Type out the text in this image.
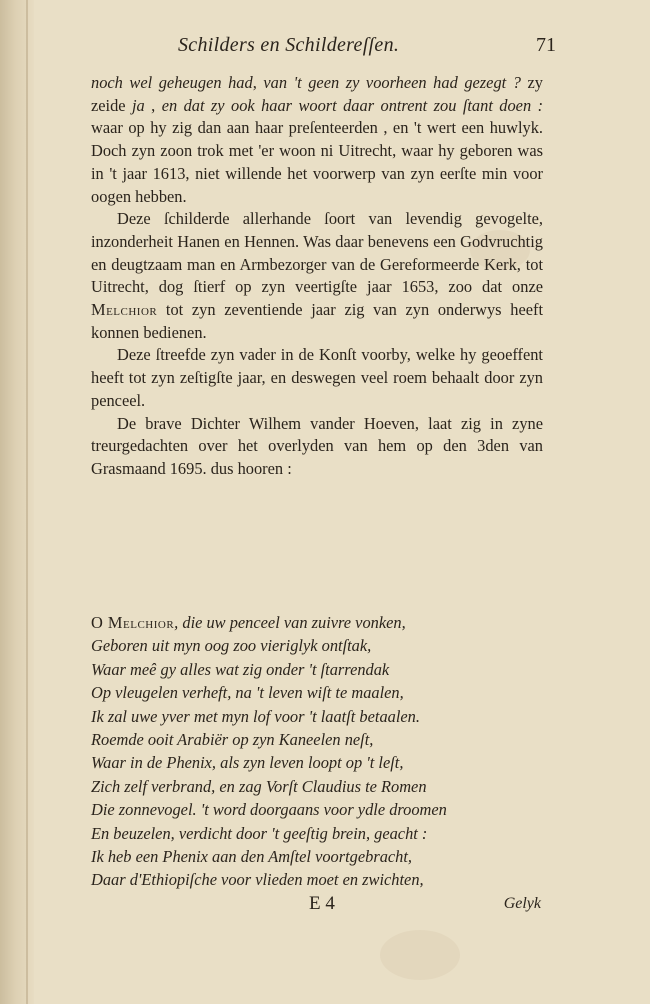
Schilders en Schildereſſen.	71

noch wel geheugen had, van 't geen zy voorheen had gezegt ? zy zeide ja , en dat zy ook haar woort daar ontrent zou ſtant doen : waar op hy zig dan aan haar preſenteerden , en 't wert een huwlyk. Doch zyn zoon trok met 'er woon ni Uitrecht, waar hy geboren was in 't jaar 1613, niet willende het voorwerp van zyn eerſte min voor oogen hebben.

Deze ſchilderde allerhande ſoort van levendig gevogelte, inzonderheit Hanen en Hennen. Was daar benevens een Godvruchtig en deugtzaam man en Armbezorger van de Gereformeerde Kerk, tot Uitrecht, dog ſtierf op zyn veertigſte jaar 1653, zoo dat onze Melchior tot zyn zeventiende jaar zig van zyn onderwys heeft konnen bedienen.

Deze ſtreefde zyn vader in de Konſt voorby, welke hy geoeffent heeft tot zyn zeſtigſte jaar, en deswegen veel roem behaalt door zyn penceel.

De brave Dichter Wilhem vander Hoeven, laat zig in zyne treurgedachten over het overlyden van hem op den 3den van Grasmaand 1695. dus hooren :

O Melchior, die uw penceel van zuivre vonken,
Geboren uit myn oog zoo vieriglyk ontſtak,
Waar meê gy alles wat zig onder 't ſtarrendak
Op vleugelen verheft, na 't leven wiſt te maalen,
Ik zal uwe yver met myn lof voor 't laatſt betaalen.
Roemde ooit Arabiër op zyn Kaneelen neſt,
Waar in de Phenix, als zyn leven loopt op 't leſt,
Zich zelf verbrand, en zag Vorſt Claudius te Romen
Die zonnevogel. 't word doorgaans voor ydle droomen
En beuzelen, verdicht door 't geeſtig brein, geacht :
Ik heb een Phenix aan den Amſtel voortgebracht,
Daar d'Ethiopiſche voor vlieden moet en zwichten,
E 4	Gelyk
